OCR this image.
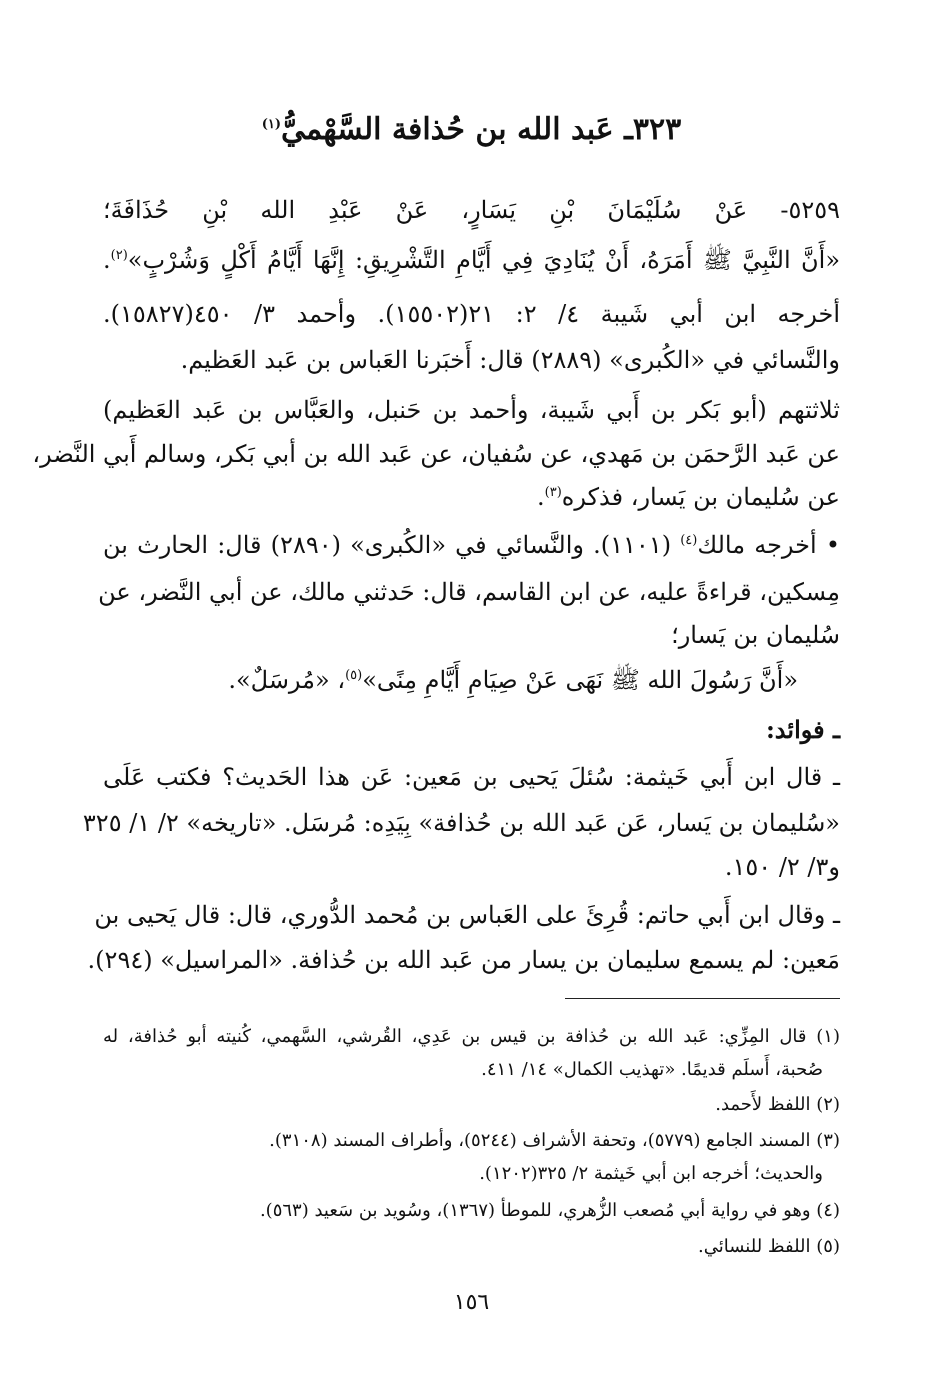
٣٢٣ـ عَبد الله بن حُذافة السَّهْميُّ$^{(١)}$
٥٢٥٩- عَنْ سُلَيْمَانَ بْنِ يَسَارٍ، عَنْ عَبْدِ الله بْنِ حُذَافَةَ؛
«أَنَّ النَّبِيَّ ﷺ أَمَرَهُ، أَنْ يُنَادِيَ فِي أَيَّامِ التَّشْرِيقِ: إِنَّهَا أَيَّامُ أَكْلٍ وَشُرْبٍ»$^{(٢)}$.
أخرجه ابن أبي شَيبة ٤/ ٢: ٢١(١٥٥٠٢). وأحمد ٣/ ٤٥٠(١٥٨٢٧).
والنَّسائي في «الكُبرى» (٢٨٨٩) قال: أَخبَرنا العَباس بن عَبد العَظيم.
ثلاثتهم (أبو بَكر بن أَبي شَيبة، وأحمد بن حَنبل، والعَبَّاس بن عَبد العَظيم)
عن عَبد الرَّحمَن بن مَهدي، عن سُفيان، عن عَبد الله بن أبي بَكر، وسالم أَبي النَّضر،
عن سُليمان بن يَسار، فذكره$^{(٣)}$.
• أخرجه مالك$^{(٤)}$ (١١٠١). والنَّسائي في «الكُبرى» (٢٨٩٠) قال: الحارث بن
مِسكين، قراءةً عليه، عن ابن القاسم، قال: حَدثني مالك، عن أبي النَّضر، عن
سُليمان بن يَسار؛
«أَنَّ رَسُولَ الله ﷺ نَهَى عَنْ صِيَامِ أَيَّامِ مِنًى»$^{(٥)}$، «مُرسَلٌ».
ـ فوائد:
ـ قال ابن أَبي خَيثمة: سُئلَ يَحيى بن مَعين: عَن هذا الحَديث؟ فكتب عَلَى
«سُليمان بن يَسار، عَن عَبد الله بن حُذافة» بِيَدِه: مُرسَل. «تاريخه» ٢/ ١/ ٣٢٥
و٣/ ٢/ ١٥٠.
ـ وقال ابن أَبي حاتم: قُرِئَ على العَباس بن مُحمد الدُّوري، قال: قال يَحيى بن
مَعين: لم يسمع سليمان بن يسار من عَبد الله بن حُذافة. «المراسيل» (٢٩٤).
(١) قال المِزِّي: عَبد الله بن حُذافة بن قيس بن عَدِي، القُرشي، السَّهمي، كُنيته أبو حُذافة، له
صُحبة، أَسلَم قديمًا. «تهذيب الكمال» ١٤/ ٤١١.
(٢) اللفظ لأَحمد.
(٣) المسند الجامع (٥٧٧٩)، وتحفة الأشراف (٥٢٤٤)، وأطراف المسند (٣١٠٨).
والحديث؛ أخرجه ابن أبي خَيثمة ٢/ ٣٢٥(١٢٠٢).
(٤) وهو في رواية أبي مُصعب الزُّهري، للموطأ (١٣٦٧)، وسُويد بن سَعيد (٥٦٣).
(٥) اللفظ للنسائي.
١٥٦
